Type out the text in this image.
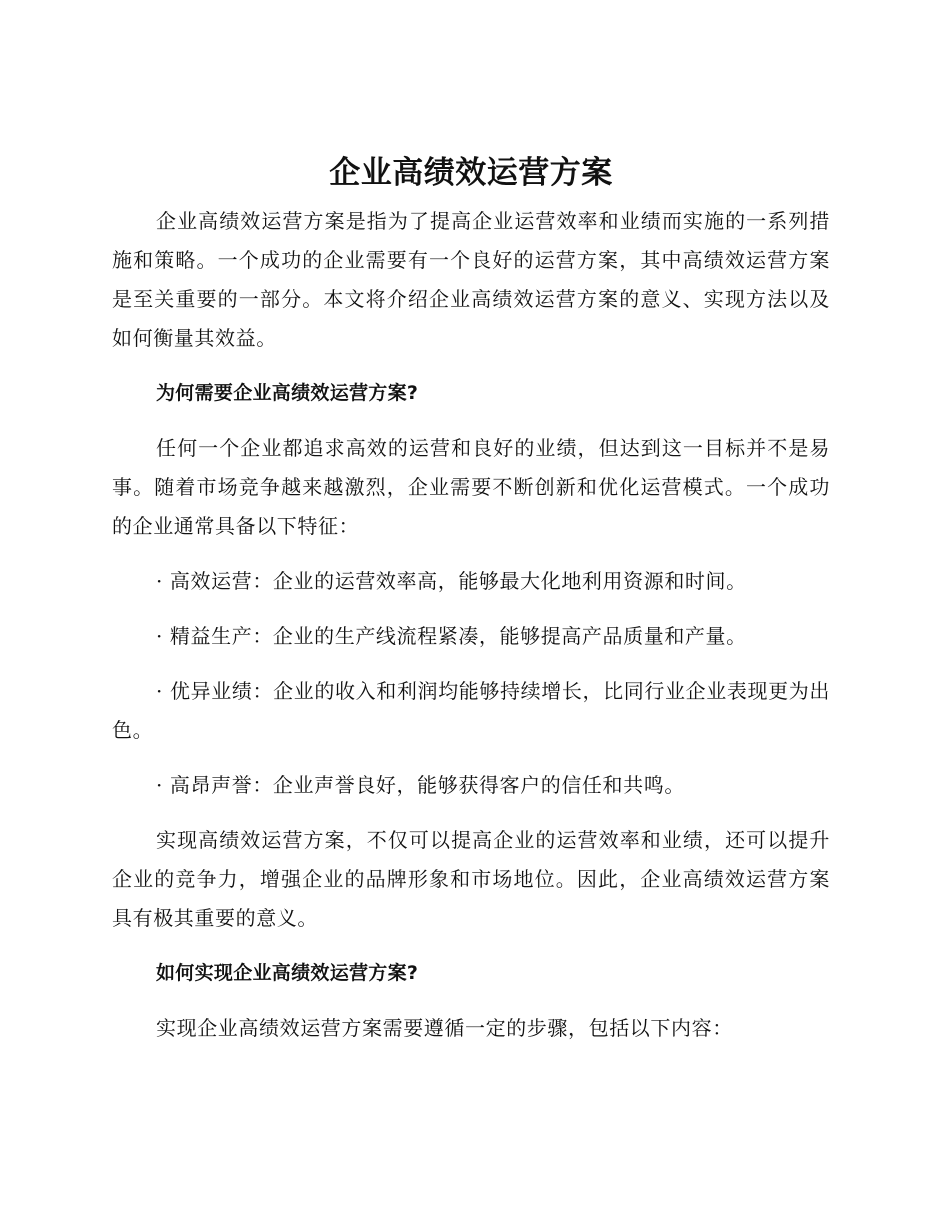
企业高绩效运营方案

企业高绩效运营方案是指为了提高企业运营效率和业绩而实施的一系列措施和策略。一个成功的企业需要有一个良好的运营方案，其中高绩效运营方案是至关重要的一部分。本文将介绍企业高绩效运营方案的意义、实现方法以及如何衡量其效益。

为何需要企业高绩效运营方案?

任何一个企业都追求高效的运营和良好的业绩，但达到这一目标并不是易事。随着市场竞争越来越激烈，企业需要不断创新和优化运营模式。一个成功的企业通常具备以下特征：

· 高效运营：企业的运营效率高，能够最大化地利用资源和时间。

· 精益生产：企业的生产线流程紧凑，能够提高产品质量和产量。

· 优异业绩：企业的收入和利润均能够持续增长，比同行业企业表现更为出色。

· 高昂声誉：企业声誉良好，能够获得客户的信任和共鸣。

实现高绩效运营方案，不仅可以提高企业的运营效率和业绩，还可以提升企业的竞争力，增强企业的品牌形象和市场地位。因此，企业高绩效运营方案具有极其重要的意义。

如何实现企业高绩效运营方案?

实现企业高绩效运营方案需要遵循一定的步骤，包括以下内容：
